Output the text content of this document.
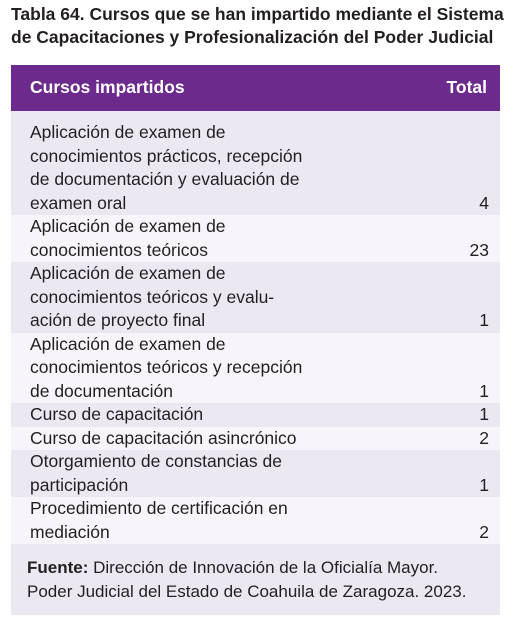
Tabla 64. Cursos que se han impartido mediante el Sistema
de Capacitaciones y Profesionalización del Poder Judicial
Cursos impartidos	Total
Aplicación de examen de
conocimientos prácticos, recepción
de documentación y evaluación de
examen oral	4
Aplicación de examen de
conocimientos teóricos	23
Aplicación de examen de
conocimientos teóricos y evalu-
ación de proyecto final	1
Aplicación de examen de
conocimientos teóricos y recepción
de documentación	1
Curso de capacitación	1
Curso de capacitación asincrónico	2
Otorgamiento de constancias de
participación	1
Procedimiento de certificación en
mediación	2
Fuente: Dirección de Innovación de la Oficialía Mayor.
Poder Judicial del Estado de Coahuila de Zaragoza. 2023.
